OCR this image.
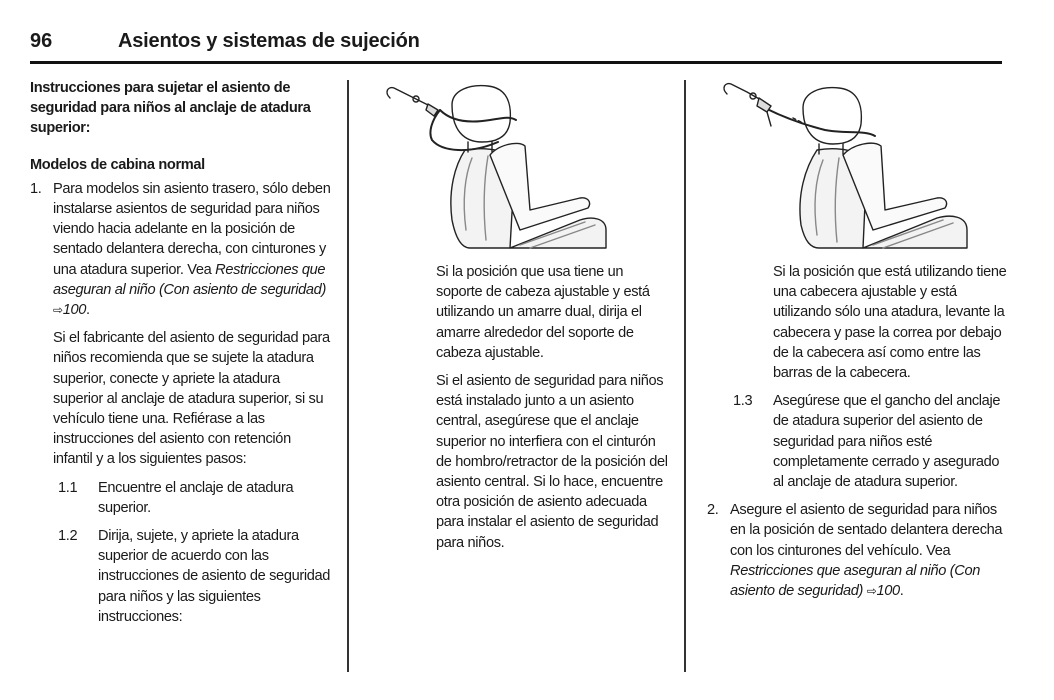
96	Asientos y sistemas de sujeción

Instrucciones para sujetar el asiento de seguridad para niños al anclaje de atadura superior:

Modelos de cabina normal

1. Para modelos sin asiento trasero, sólo deben instalarse asientos de seguridad para niños viendo hacia adelante en la posición de sentado delantera derecha, con cinturones y una atadura superior. Vea Restricciones que aseguran al niño (Con asiento de seguridad) ⇨100.

Si el fabricante del asiento de seguridad para niños recomienda que se sujete la atadura superior, conecte y apriete la atadura superior al anclaje de atadura superior, si su vehículo tiene una. Refiérase a las instrucciones del asiento con retención infantil y a los siguientes pasos:

1.1 Encuentre el anclaje de atadura superior.
1.2 Dirija, sujete, y apriete la atadura superior de acuerdo con las instrucciones de asiento de seguridad para niños y las siguientes instrucciones:

Si la posición que usa tiene un soporte de cabeza ajustable y está utilizando un amarre dual, dirija el amarre alrededor del soporte de cabeza ajustable.

Si el asiento de seguridad para niños está instalado junto a un asiento central, asegúrese que el anclaje superior no interfiera con el cinturón de hombro/retractor de la posición del asiento central. Si lo hace, encuentre otra posición de asiento adecuada para instalar el asiento de seguridad para niños.

Si la posición que está utilizando tiene una cabecera ajustable y está utilizando sólo una atadura, levante la cabecera y pase la correa por debajo de la cabecera así como entre las barras de la cabecera.

1.3 Asegúrese que el gancho del anclaje de atadura superior del asiento de seguridad para niños esté completamente cerrado y asegurado al anclaje de atadura superior.
2. Asegure el asiento de seguridad para niños en la posición de sentado delantera derecha con los cinturones del vehículo. Vea Restricciones que aseguran al niño (Con asiento de seguridad) ⇨100.
